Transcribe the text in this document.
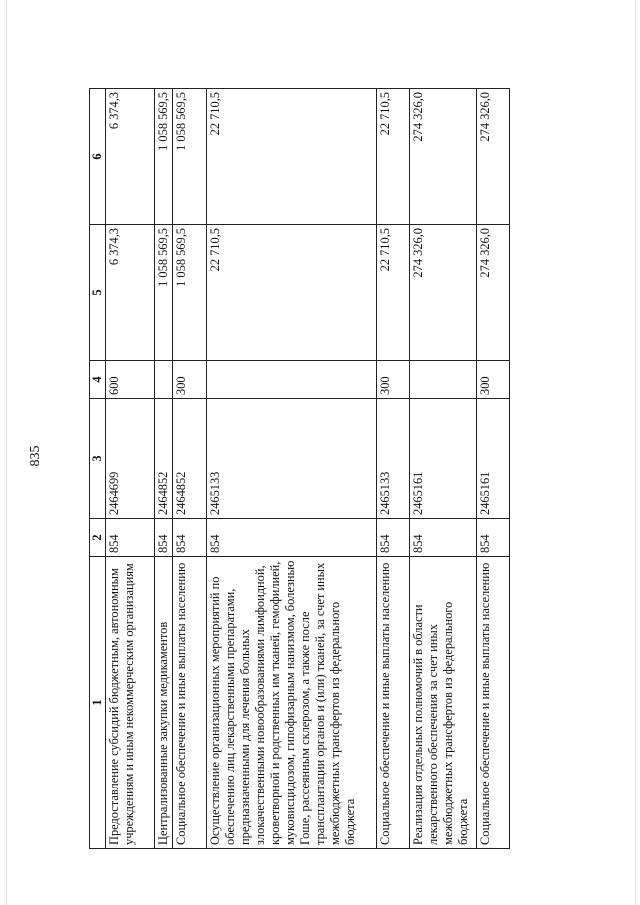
835
1	2	3	4	5	6
Предоставление субсидий бюджетным, автономным учреждениям и иным некоммерческим организациям	854	2464699	600	6 374,3	6 374,3
Централизованные закупки медикаментов	854	2464852		1 058 569,5	1 058 569,5
Социальное обеспечение и иные выплаты населению	854	2464852	300	1 058 569,5	1 058 569,5
Осуществление организационных мероприятий по обеспечению лиц лекарственными препаратами, предназначенными для лечения больных злокачественными новообразованиями лимфоидной, кроветворной и родственных им тканей, гемофилией, муковисцидозом, гипофизарным нанизмом, болезнью Гоше, рассеянным склерозом, а также после трансплантации органов и (или) тканей, за счет иных межбюджетных трансфертов из федерального бюджета	854	2465133		22 710,5	22 710,5
Социальное обеспечение и иные выплаты населению	854	2465133	300	22 710,5	22 710,5
Реализация отдельных полномочий в области лекарственного обеспечения за счет иных межбюджетных трансфертов из федерального бюджета	854	2465161		274 326,0	274 326,0
Социальное обеспечение и иные выплаты населению	854	2465161	300	274 326,0	274 326,0
